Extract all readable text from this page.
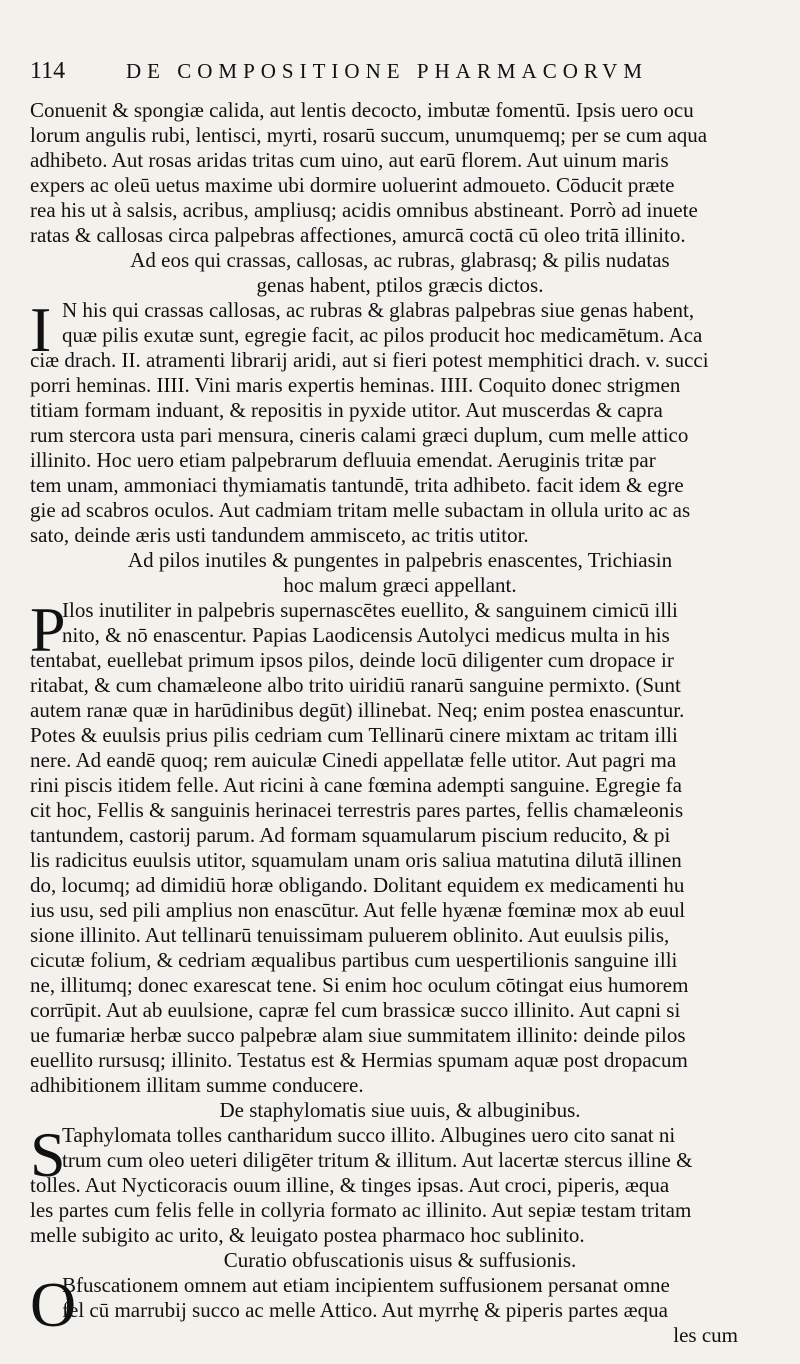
114	DE COMPOSITIONE PHARMACORVM
Conuenit & spongiæ calida, aut lentis decocto, imbutæ fomentū. Ipsis uero ocu
lorum angulis rubi, lentisci, myrti, rosarū succum, unumquemq; per se cum aqua
adhibeto. Aut rosas aridas tritas cum uino, aut earū florem. Aut uinum maris
expers ac oleū uetus maxime ubi dormire uoluerint admoueto. Cōducit præte
rea his ut à salsis, acribus, ampliusq; acidis omnibus abstineant. Porrò ad inuete
ratas & callosas circa palpebras affectiones, amurcā coctā cū oleo tritā illinito.
Ad eos qui crassas, callosas, ac rubras, glabrasq; & pilis nudatas
genas habent, ptilos græcis dictos.
I N his qui crassas callosas, ac rubras & glabras palpebras siue genas habent,
quæ pilis exutæ sunt, egregie facit, ac pilos producit hoc medicamētum. Aca
ciæ drach. II. atramenti librarij aridi, aut si fieri potest memphitici drach. v. succi
porri heminas. IIII. Vini maris expertis heminas. IIII. Coquito donec strigmen
titiam formam induant, & repositis in pyxide utitor. Aut muscerdas & capra
rum stercora usta pari mensura, cineris calami græci duplum, cum melle attico
illinito. Hoc uero etiam palpebrarum defluuia emendat. Aeruginis tritæ par
tem unam, ammoniaci thymiamatis tantundē, trita adhibeto. facit idem & egre
gie ad scabros oculos. Aut cadmiam tritam melle subactam in ollula urito ac as
sato, deinde æris usti tandundem ammisceto, ac tritis utitor.
Ad pilos inutiles & pungentes in palpebris enascentes, Trichiasin
hoc malum græci appellant.
P
Ilos inutiliter in palpebris supernascētes euellito, & sanguinem cimicū illi
nito, & nō enascentur. Papias Laodicensis Autolyci medicus multa in his
tentabat, euellebat primum ipsos pilos, deinde locū diligenter cum dropace ir
ritabat, & cum chamæleone albo trito uiridiū ranarū sanguine permixto. (Sunt
autem ranæ quæ in harūdinibus degūt) illinebat. Neq; enim postea enascuntur.
Potes & euulsis prius pilis cedriam cum Tellinarū cinere mixtam ac tritam illi
nere. Ad eandē quoq; rem auiculæ Cinedi appellatæ felle utitor. Aut pagri ma
rini piscis itidem felle. Aut ricini à cane fœmina adempti sanguine. Egregie fa
cit hoc, Fellis & sanguinis herinacei terrestris pares partes, fellis chamæleonis
tantundem, castorij parum. Ad formam squamularum piscium reducito, & pi
lis radicitus euulsis utitor, squamulam unam oris saliua matutina dilutā illinen
do, locumq; ad dimidiū horæ obligando. Dolitant equidem ex medicamenti hu
ius usu, sed pili amplius non enascūtur. Aut felle hyænæ fœminæ mox ab euul
sione illinito. Aut tellinarū tenuissimam puluerem oblinito. Aut euulsis pilis,
cicutæ folium, & cedriam æqualibus partibus cum uespertilionis sanguine illi
ne, illitumq; donec exarescat tene. Si enim hoc oculum cōtingat eius humorem
corrūpit. Aut ab euulsione, capræ fel cum brassicæ succo illinito. Aut capni si
ue fumariæ herbæ succo palpebræ alam siue summitatem illinito: deinde pilos
euellito rursusq; illinito. Testatus est & Hermias spumam aquæ post dropacum
adhibitionem illitam summe conducere.
De staphylomatis siue uuis, & albuginibus.
S
Taphylomata tolles cantharidum succo illito. Albugines uero cito sanat ni
trum cum oleo ueteri diligēter tritum & illitum. Aut lacertæ stercus illine &
tolles. Aut Nycticoracis ouum illine, & tinges ipsas. Aut croci, piperis, æqua
les partes cum felis felle in collyria formato ac illinito. Aut sepiæ testam tritam
melle subigito ac urito, & leuigato postea pharmaco hoc sublinito.
Curatio obfuscationis uisus & suffusionis.
O
Bfuscationem omnem aut etiam incipientem suffusionem persanat omne
fel cū marrubij succo ac melle Attico. Aut myrrhę & piperis partes æqua
les cum
